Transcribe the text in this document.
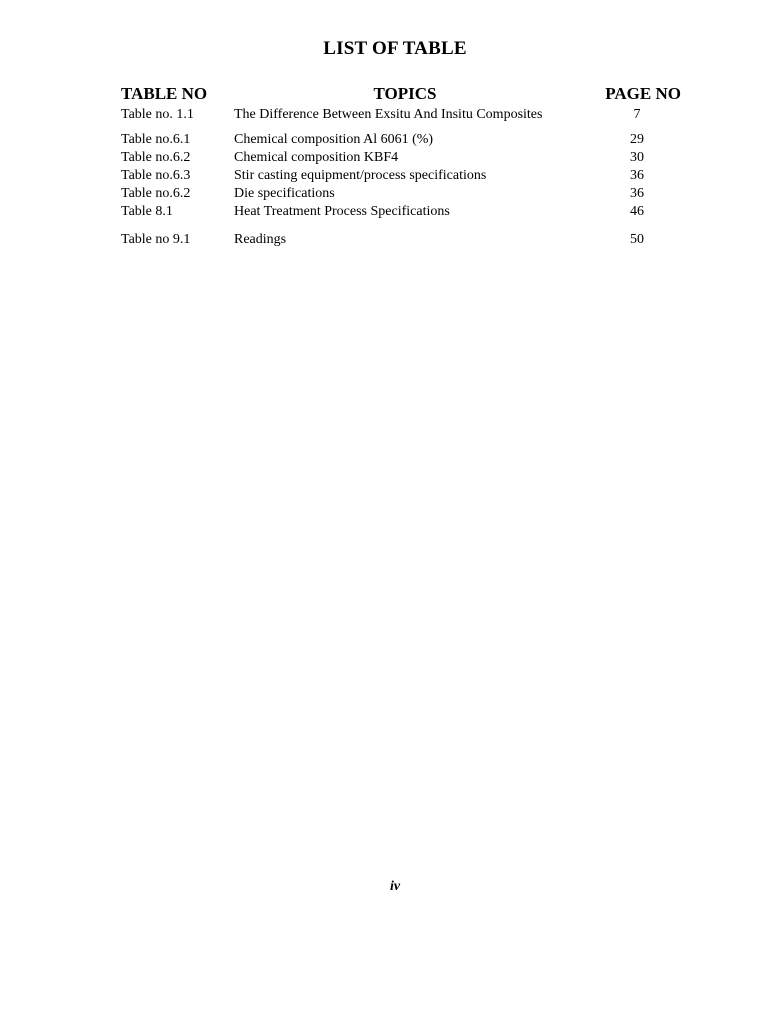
LIST OF TABLE
TABLE NO	TOPICS	PAGE NO
Table no. 1.1	The Difference Between Exsitu And Insitu Composites	7
Table no.6.1	Chemical composition Al 6061 (%)	29
Table no.6.2	Chemical composition KBF4	30
Table no.6.3	Stir casting equipment/process specifications	36
Table no.6.2	Die specifications	36
Table 8.1	Heat Treatment Process Specifications	46
Table no 9.1	Readings	50
iv
